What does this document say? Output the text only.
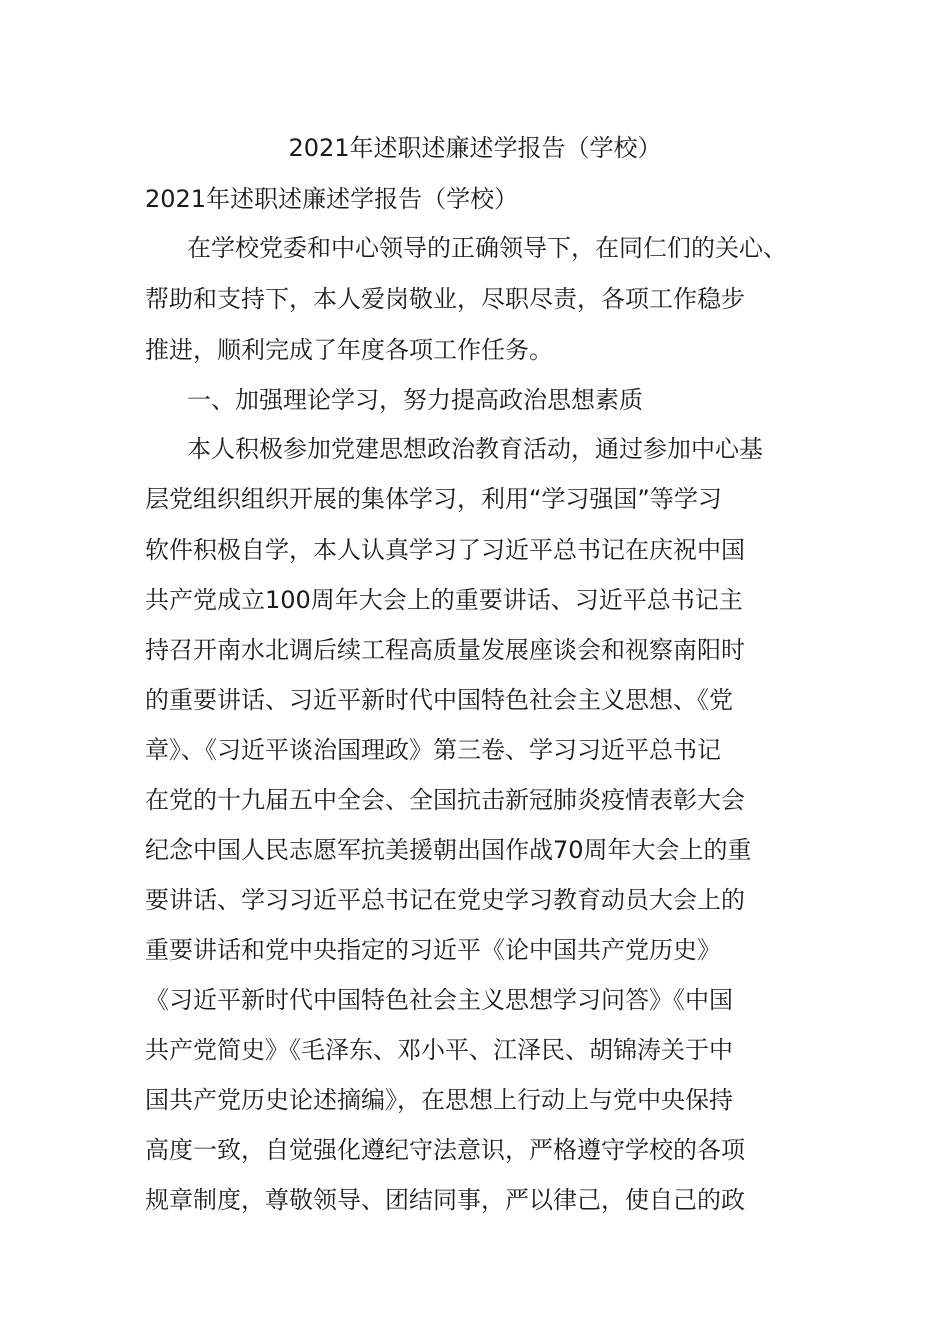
2021年述职述廉述学报告（学校）
2021年述职述廉述学报告（学校）
在学校党委和中心领导的正确领导下，在同仁们的关心、
帮助和支持下，本人爱岗敬业，尽职尽责，各项工作稳步
推进，顺利完成了年度各项工作任务。
一、加强理论学习，努力提高政治思想素质
本人积极参加党建思想政治教育活动，通过参加中心基
层党组织组织开展的集体学习，利用“学习强国”等学习
软件积极自学，本人认真学习了习近平总书记在庆祝中国
共产党成立100周年大会上的重要讲话、习近平总书记主
持召开南水北调后续工程高质量发展座谈会和视察南阳时
的重要讲话、习近平新时代中国特色社会主义思想、《党
章》、《习近平谈治国理政》第三卷、学习习近平总书记
在党的十九届五中全会、全国抗击新冠肺炎疫情表彰大会
纪念中国人民志愿军抗美援朝出国作战70周年大会上的重
要讲话、学习习近平总书记在党史学习教育动员大会上的
重要讲话和党中央指定的习近平《论中国共产党历史》
《习近平新时代中国特色社会主义思想学习问答》《中国
共产党简史》《毛泽东、邓小平、江泽民、胡锦涛关于中
国共产党历史论述摘编》，在思想上行动上与党中央保持
高度一致，自觉强化遵纪守法意识，严格遵守学校的各项
规章制度，尊敬领导、团结同事，严以律己，使自己的政
